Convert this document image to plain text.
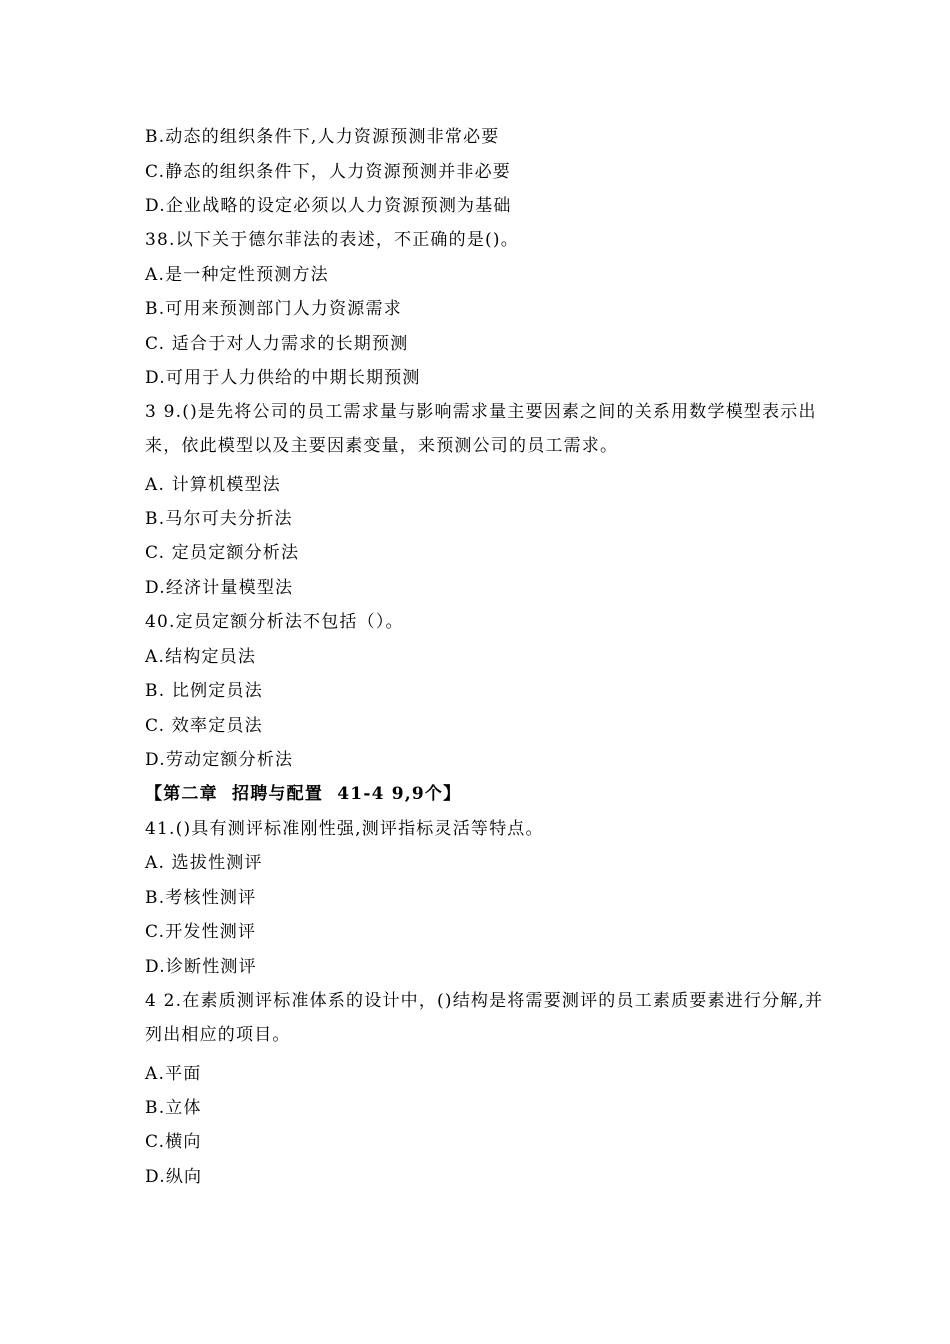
B.动态的组织条件下,人力资源预测非常必要
C.静态的组织条件下，人力资源预测并非必要
D.企业战略的设定必须以人力资源预测为基础
38.以下关于德尔菲法的表述，不正确的是()。
A.是一种定性预测方法
B.可用来预测部门人力资源需求
C. 适合于对人力需求的长期预测
D.可用于人力供给的中期长期预测
3 9.()是先将公司的员工需求量与影响需求量主要因素之间的关系用数学模型表示出来，依此模型以及主要因素变量，来预测公司的员工需求。
A. 计算机模型法
B.马尔可夫分折法
C. 定员定额分析法
D.经济计量模型法
40.定员定额分析法不包括（）。
A.结构定员法
B. 比例定员法
C. 效率定员法
D.劳动定额分析法
【第二章  招聘与配置  41-4 9,9个】
41.()具有测评标准刚性强,测评指标灵活等特点。
A. 选拔性测评
B.考核性测评
C.开发性测评
D.诊断性测评
4 2.在素质测评标准体系的设计中，()结构是将需要测评的员工素质要素进行分解,并列出相应的项目。
A.平面
B.立体
C.横向
D.纵向
